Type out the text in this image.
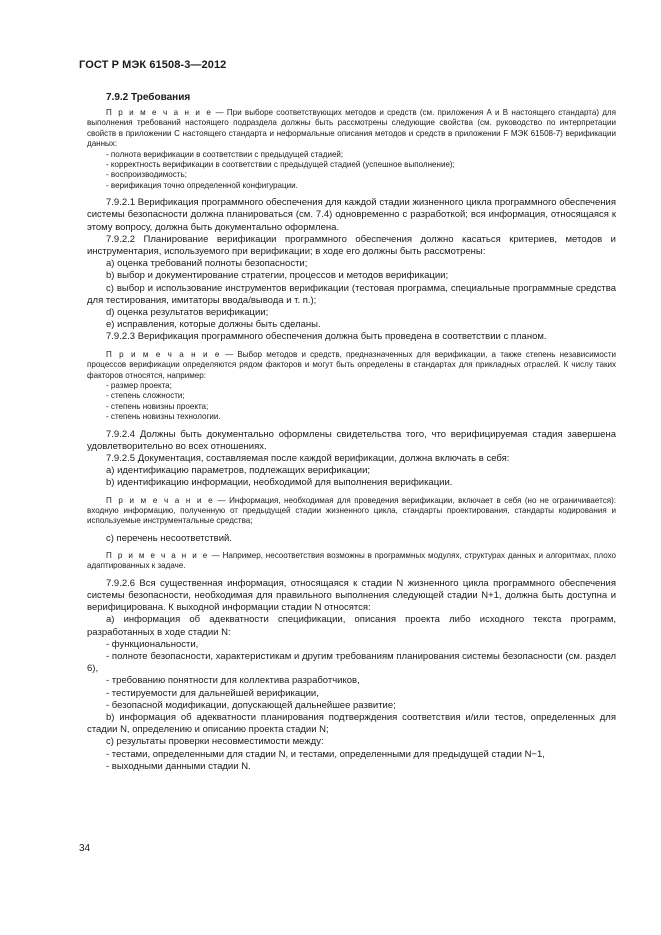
ГОСТ Р МЭК 61508-3—2012
7.9.2 Требования

П р и м е ч а н и е — При выборе соответствующих методов и средств (см. приложения А и В настоящего стандарта) для выполнения требований настоящего подраздела должны быть рассмотрены следующие свойства (см. руководство по интерпретации свойств в приложении С настоящего стандарта и неформальные описания методов и средств в приложении F МЭК 61508-7) верификации данных:

- полнота верификации в соответствии с предыдущей стадией;

- корректность верификации в соответствии с предыдущей стадией (успешное выполнение);

- воспроизводимость;

- верификация точно определенной конфигурации.

7.9.2.1 Верификация программного обеспечения для каждой стадии жизненного цикла программного обеспечения системы безопасности должна планироваться (см. 7.4) одновременно с разработкой; вся информация, относящаяся к этому вопросу, должна быть документально оформлена.

7.9.2.2 Планирование верификации программного обеспечения должно касаться критериев, методов и инструментария, используемого при верификации; в ходе его должны быть рассмотрены:

a) оценка требований полноты безопасности;

b) выбор и документирование стратегии, процессов и методов верификации;

c) выбор и использование инструментов верификации (тестовая программа, специальные программные средства для тестирования, имитаторы ввода/вывода и т. п.);

d) оценка результатов верификации;

e) исправления, которые должны быть сделаны.

7.9.2.3 Верификация программного обеспечения должна быть проведена в соответствии с планом.

П р и м е ч а н и е — Выбор методов и средств, предназначенных для верификации, а также степень независимости процессов верификации определяются рядом факторов и могут быть определены в стандартах для прикладных отраслей. К числу таких факторов относятся, например:

- размер проекта;

- степень сложности;

- степень новизны проекта;

- степень новизны технологии.

7.9.2.4 Должны быть документально оформлены свидетельства того, что верифицируемая стадия завершена удовлетворительно во всех отношениях.

7.9.2.5 Документация, составляемая после каждой верификации, должна включать в себя:

a) идентификацию параметров, подлежащих верификации;

b) идентификацию информации, необходимой для выполнения верификации.

П р и м е ч а н и е — Информация, необходимая для проведения верификации, включает в себя (но не ограничивается): входную информацию, полученную от предыдущей стадии жизненного цикла, стандарты проектирования, стандарты кодирования и используемые инструментальные средства;

c) перечень несоответствий.

П р и м е ч а н и е — Например, несоответствия возможны в программных модулях, структурах данных и алгоритмах, плохо адаптированных к задаче.

7.9.2.6 Вся существенная информация, относящаяся к стадии N жизненного цикла программного обеспечения системы безопасности, необходимая для правильного выполнения следующей стадии N+1, должна быть доступна и верифицирована. К выходной информации стадии N относятся:

a) информация об адекватности спецификации, описания проекта либо исходного текста программ, разработанных в ходе стадии N:

- функциональности,

- полноте безопасности, характеристикам и другим требованиям планирования системы безопасности (см. раздел 6),

- требованию понятности для коллектива разработчиков,

- тестируемости для дальнейшей верификации,

- безопасной модификации, допускающей дальнейшее развитие;

b) информация об адекватности планирования подтверждения соответствия и/или тестов, определенных для стадии N, определению и описанию проекта стадии N;

c) результаты проверки несовместимости между:

- тестами, определенными для стадии N, и тестами, определенными для предыдущей стадии N−1,

- выходными данными стадии N.

34
